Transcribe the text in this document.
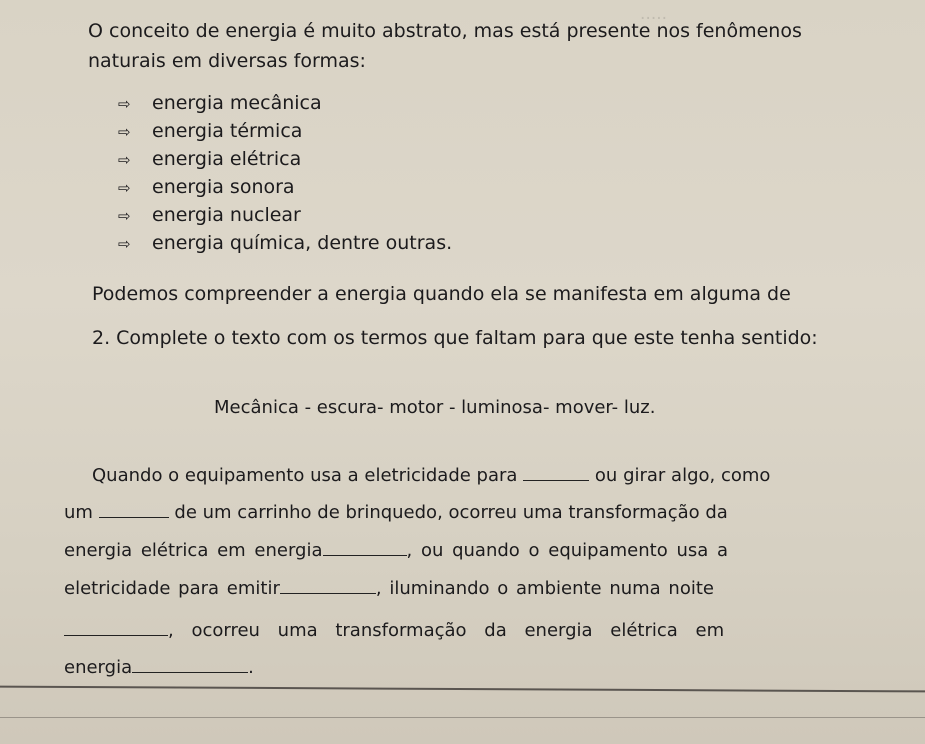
.....
O conceito de energia é muito abstrato, mas está presente nos fenômenos
naturais em diversas formas:
⇨ energia mecânica
⇨ energia térmica
⇨ energia elétrica
⇨ energia sonora
⇨ energia nuclear
⇨ energia química, dentre outras.
Podemos compreender a energia quando ela se manifesta em alguma de
2. Complete o texto com os termos que faltam para que este tenha sentido:
Mecânica - escura- motor - luminosa- mover- luz.
Quando o equipamento usa a eletricidade para	ou girar algo, como
um	de um carrinho de brinquedo, ocorreu uma transformação da
energia elétrica em energia	, ou quando o equipamento usa a
eletricidade para emitir	, iluminando o ambiente numa noite
, ocorreu uma transformação da energia elétrica em
energia	.
